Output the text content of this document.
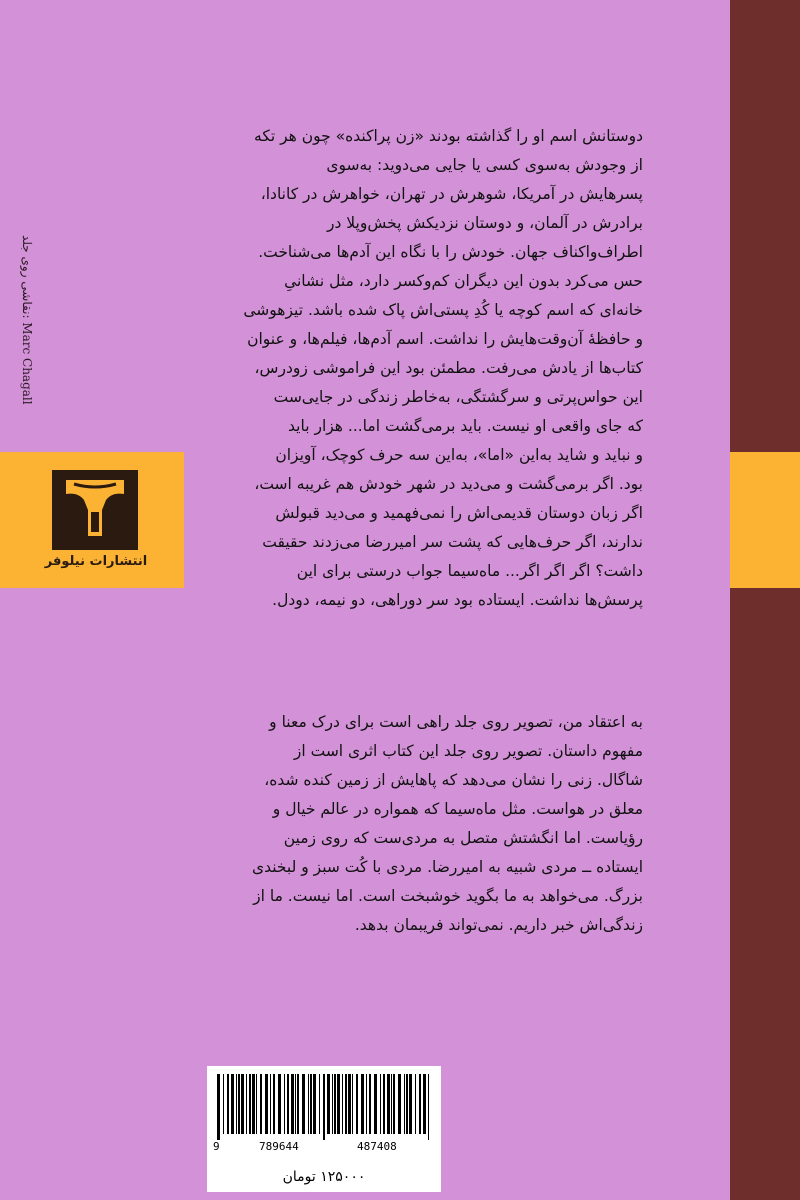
نقاشی روی جلد: Marc Chagall
انتشارات نیلوفر
دوستانش اسم او را گذاشته بودند «زن پراکنده» چون هر تکه
از وجودش به‌سوی کسی یا جایی می‌دوید: به‌سوی
پسرهایش در آمریکا، شوهرش در تهران، خواهرش در کانادا،
برادرش در آلمان، و دوستان نزدیکش پخش‌وپلا در
اطراف‌واکناف جهان. خودش را با نگاه این آدم‌ها می‌شناخت.
حس می‌کرد بدون این دیگران کم‌وکسر دارد، مثل نشانیِ
خانه‌ای که اسم کوچه یا کُدِ پستی‌اش پاک شده باشد. تیزهوشی
و حافظهٔ آن‌وقت‌هایش را نداشت. اسم آدم‌ها، فیلم‌ها، و عنوان
کتاب‌ها از یادش می‌رفت. مطمئن بود این فراموشی زودرس،
این حواس‌پرتی و سرگشتگی، به‌خاطر زندگی در جایی‌ست
که جای واقعی او نیست. باید برمی‌گشت اما... هزار باید
و نباید و شاید به‌این «اما»، به‌این سه حرف کوچک، آویزان
بود. اگر برمی‌گشت و می‌دید در شهر خودش هم غریبه است،
اگر زبان دوستان قدیمی‌اش را نمی‌فهمید و می‌دید قبولش
ندارند، اگر حرف‌هایی که پشت سر امیررضا می‌زدند حقیقت
داشت؟ اگر اگر اگر... ماه‌سیما جواب درستی برای این
پرسش‌ها نداشت. ایستاده بود سر دوراهی، دو نیمه، دودل.
به اعتقاد من، تصویر روی جلد راهی است برای درک معنا و
مفهوم داستان. تصویر روی جلد این کتاب اثری است از
شاگال. زنی را نشان می‌دهد که پاهایش از زمین کنده شده،
معلق در هواست. مثل ماه‌سیما که همواره در عالم خیال و
رؤیاست. اما انگشتش متصل به مردی‌ست که روی زمین
ایستاده ــ مردی شبیه به امیررضا. مردی با کُت سبز و لبخندی
بزرگ. می‌خواهد به ما بگوید خوشبخت است. اما نیست. ما از
زندگی‌اش خبر داریم. نمی‌تواند فریبمان بدهد.
9	789644	487408
۱۲۵۰۰۰ تومان
